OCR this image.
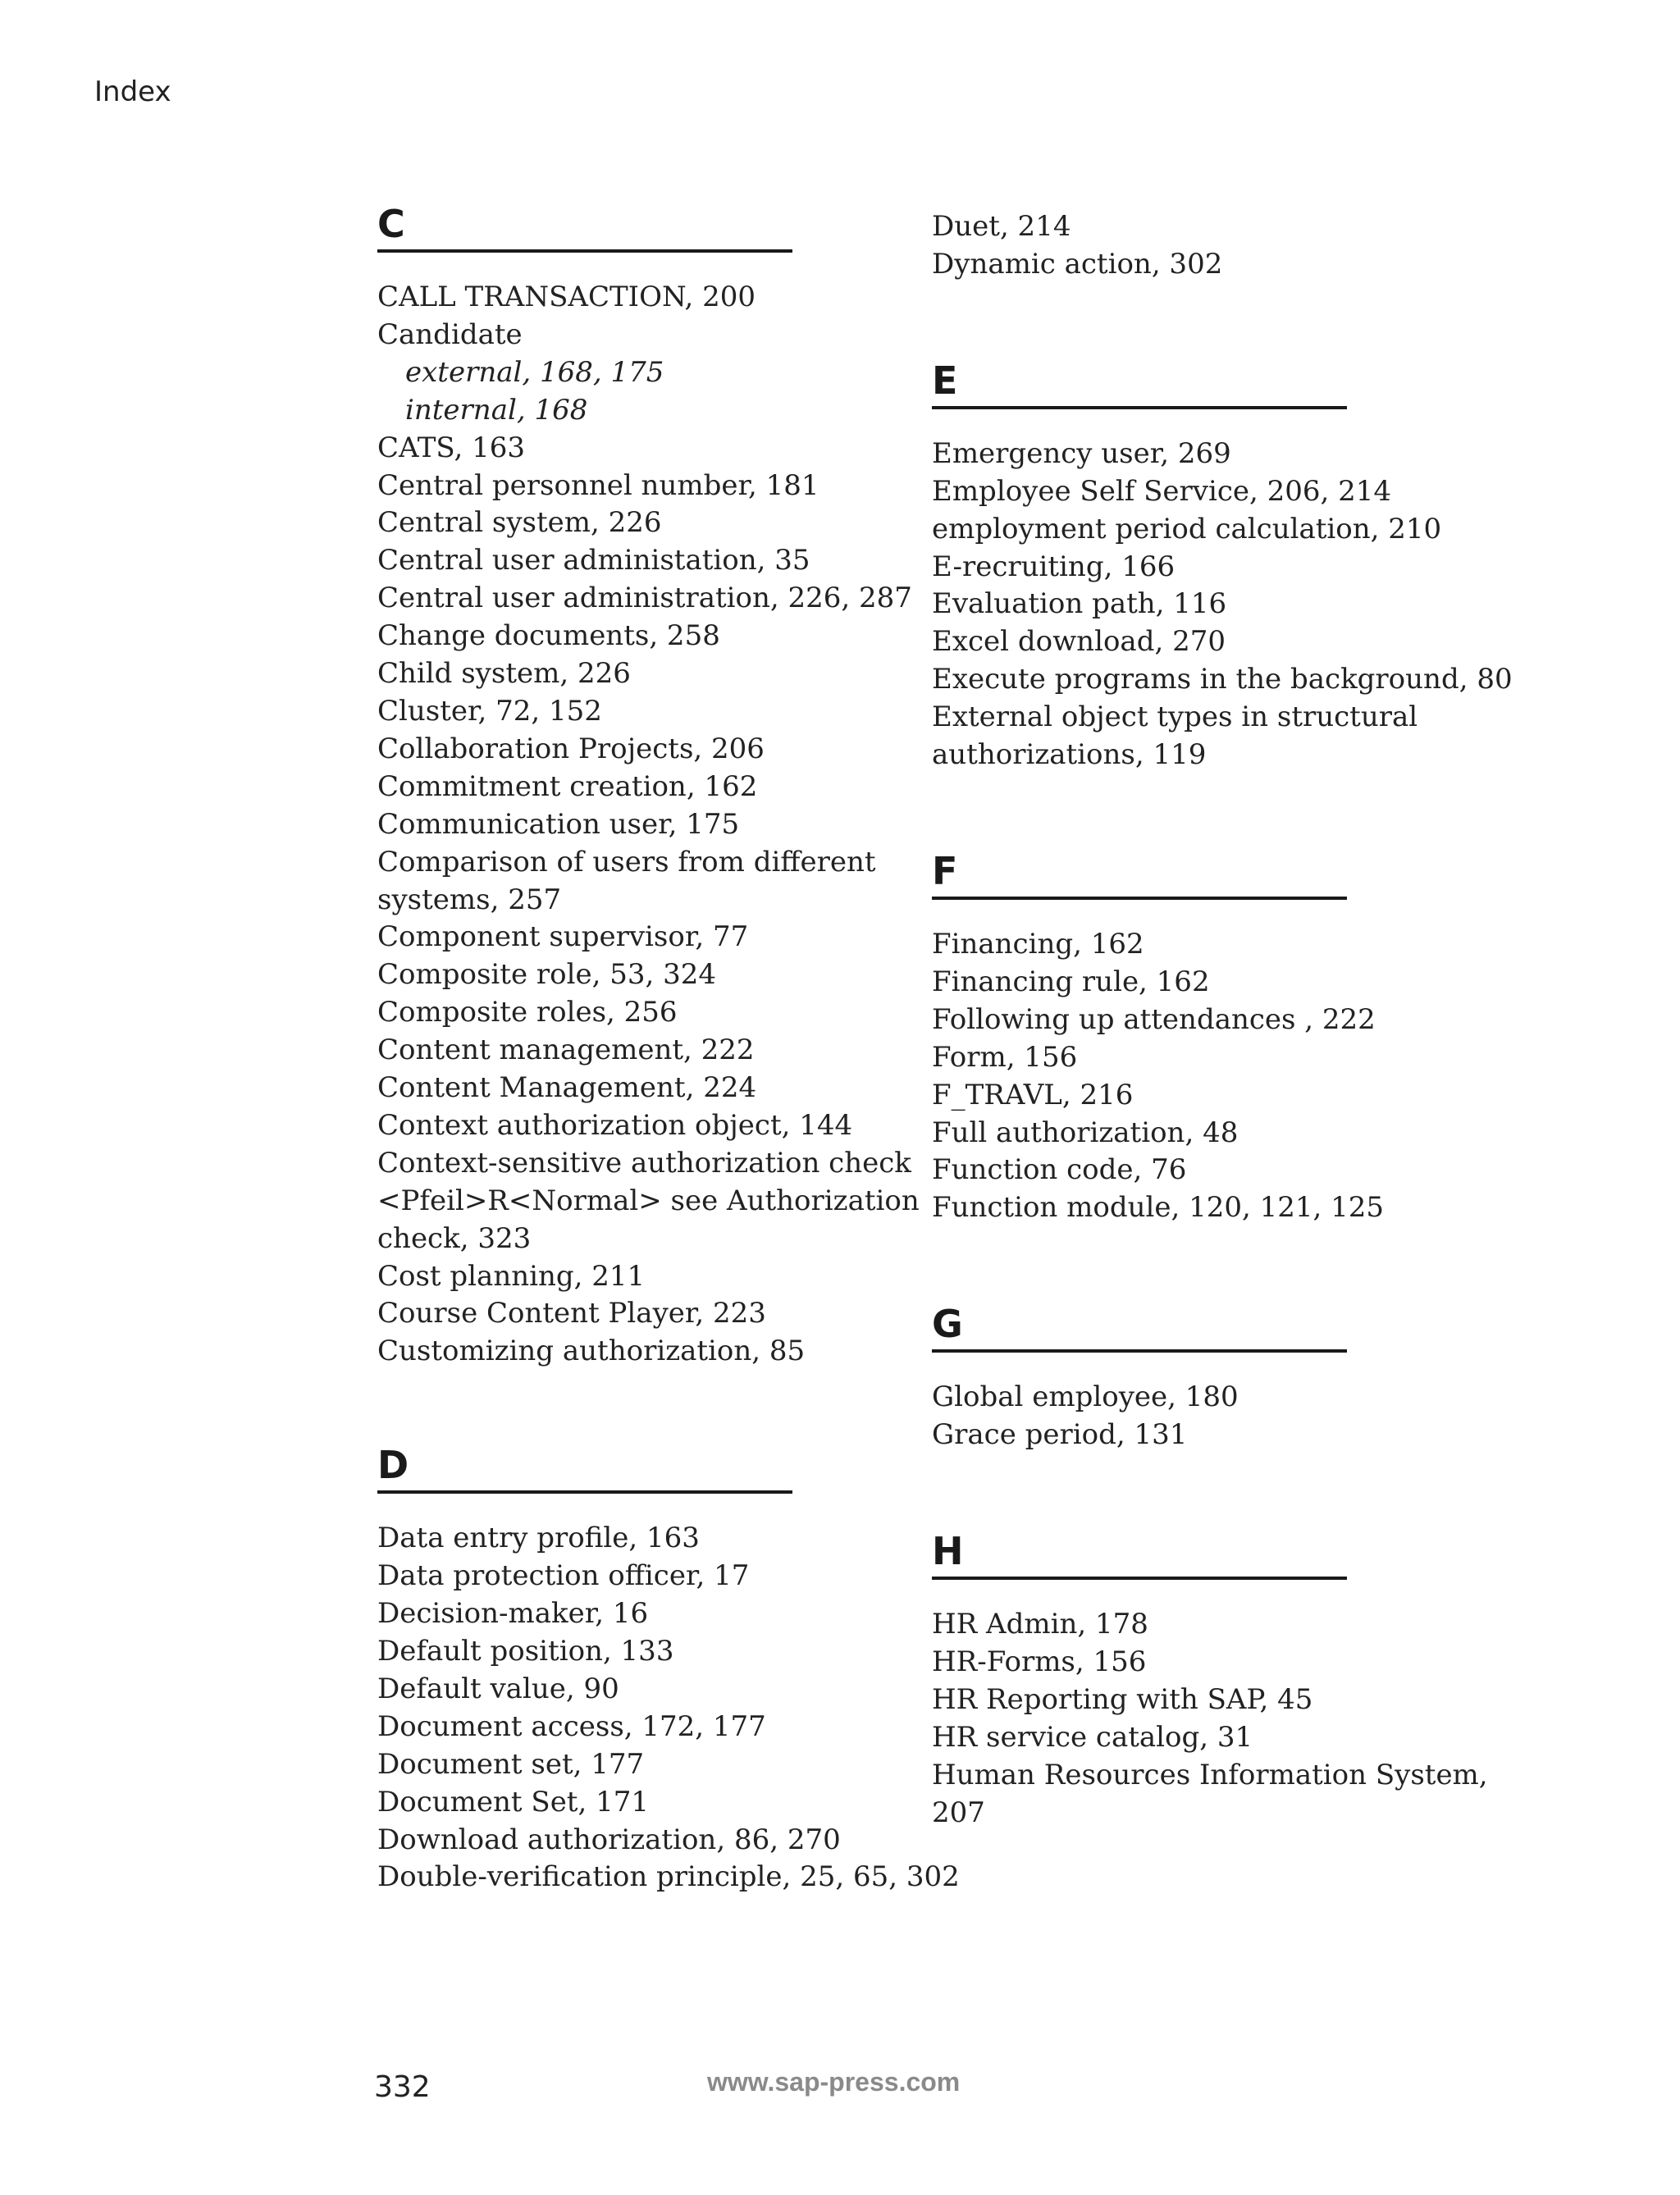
Index
C
CALL TRANSACTION, 200
Candidate
external, 168, 175
internal, 168
CATS, 163
Central personnel number, 181
Central system, 226
Central user administation, 35
Central user administration, 226, 287
Change documents, 258
Child system, 226
Cluster, 72, 152
Collaboration Projects, 206
Commitment creation, 162
Communication user, 175
Comparison of users from different
systems, 257
Component supervisor, 77
Composite role, 53, 324
Composite roles, 256
Content management, 222
Content Management, 224
Context authorization object, 144
Context-sensitive authorization check
<Pfeil>R<Normal> see Authorization
check, 323
Cost planning, 211
Course Content Player, 223
Customizing authorization, 85
D
Data entry profile, 163
Data protection officer, 17
Decision-maker, 16
Default position, 133
Default value, 90
Document access, 172, 177
Document set, 177
Document Set, 171
Download authorization, 86, 270
Double-verification principle, 25, 65, 302
Duet, 214
Dynamic action, 302
E
Emergency user, 269
Employee Self Service, 206, 214
employment period calculation, 210
E-recruiting, 166
Evaluation path, 116
Excel download, 270
Execute programs in the background, 80
External object types in structural
authorizations, 119
F
Financing, 162
Financing rule, 162
Following up attendances , 222
Form, 156
F_TRAVL, 216
Full authorization, 48
Function code, 76
Function module, 120, 121, 125
G
Global employee, 180
Grace period, 131
H
HR Admin, 178
HR-Forms, 156
HR Reporting with SAP, 45
HR service catalog, 31
Human Resources Information System,
207
332	www.sap-press.com
